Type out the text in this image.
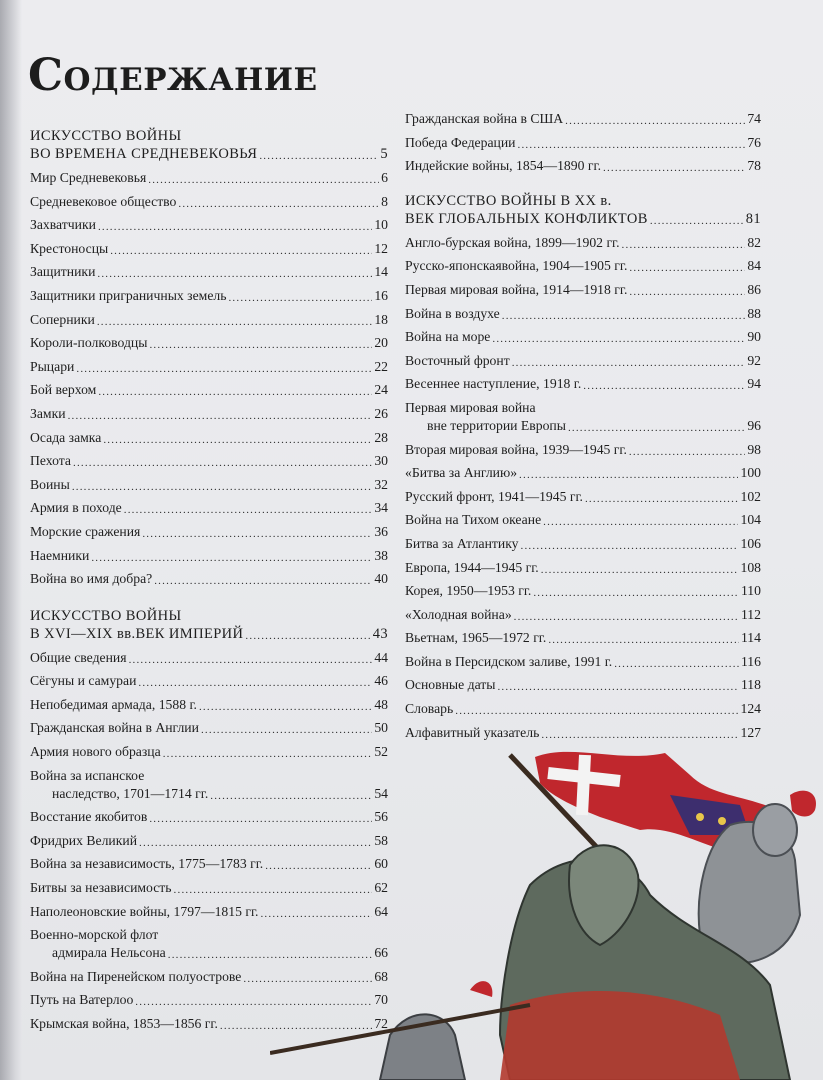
Содержание
ИСКУССТВО ВОЙНЫ
ВО ВРЕМЕНА СРЕДНЕВЕКОВЬЯ .....	5
Мир Средневековья .....	6
Средневековое общество .....	8
Захватчики .....	10
Крестоносцы .....	12
Защитники .....	14
Защитники приграничных земель .....	16
Соперники .....	18
Короли-полководцы .....	20
Рыцари .....	22
Бой верхом .....	24
Замки .....	26
Осада замка .....	28
Пехота .....	30
Воины .....	32
Армия в походе .....	34
Морские сражения .....	36
Наемники .....	38
Война во имя добра? .....	40
ИСКУССТВО ВОЙНЫ
В XVI—XIX вв.ВЕК ИМПЕРИЙ .....	43
Общие сведения .....	44
Сёгуны и самураи .....	46
Непобедимая армада, 1588 г. .....	48
Гражданская война в Англии .....	50
Армия нового образца .....	52
Война за испанское
наследство, 1701—1714 гг. .....	54
Восстание якобитов .....	56
Фридрих Великий .....	58
Война за независимость, 1775—1783 гг. .....	60
Битвы за независимость .....	62
Наполеоновские войны, 1797—1815 гг. .....	64
Военно-морской флот
адмирала Нельсона .....	66
Война на Пиренейском полуострове .....	68
Путь на Ватерлоо .....	70
Крымская война, 1853—1856 гг. .....	72
Гражданская война в США .....	74
Победа Федерации .....	76
Индейские войны, 1854—1890 гг. .....	78
ИСКУССТВО ВОЙНЫ В XX в.
ВЕК ГЛОБАЛЬНЫХ КОНФЛИКТОВ .....	81
Англо-бурская война, 1899—1902 гг. .....	82
Русско-японскаявойна, 1904—1905 гг. .....	84
Первая мировая война, 1914—1918 гг. .....	86
Война в воздухе .....	88
Война на море .....	90
Восточный фронт .....	92
Весеннее наступление, 1918 г. .....	94
Первая мировая война
вне территории Европы .....	96
Вторая мировая война, 1939—1945 гг. .....	98
«Битва за Англию» .....	100
Русский фронт, 1941—1945 гг. .....	102
Война на Тихом океане .....	104
Битва за Атлантику .....	106
Европа, 1944—1945 гг. .....	108
Корея, 1950—1953 гг. .....	110
«Холодная война» .....	112
Вьетнам, 1965—1972 гг. .....	114
Война в Персидском заливе, 1991 г. .....	116
Основные даты .....	118
Словарь .....	124
Алфавитный указатель .....	127
